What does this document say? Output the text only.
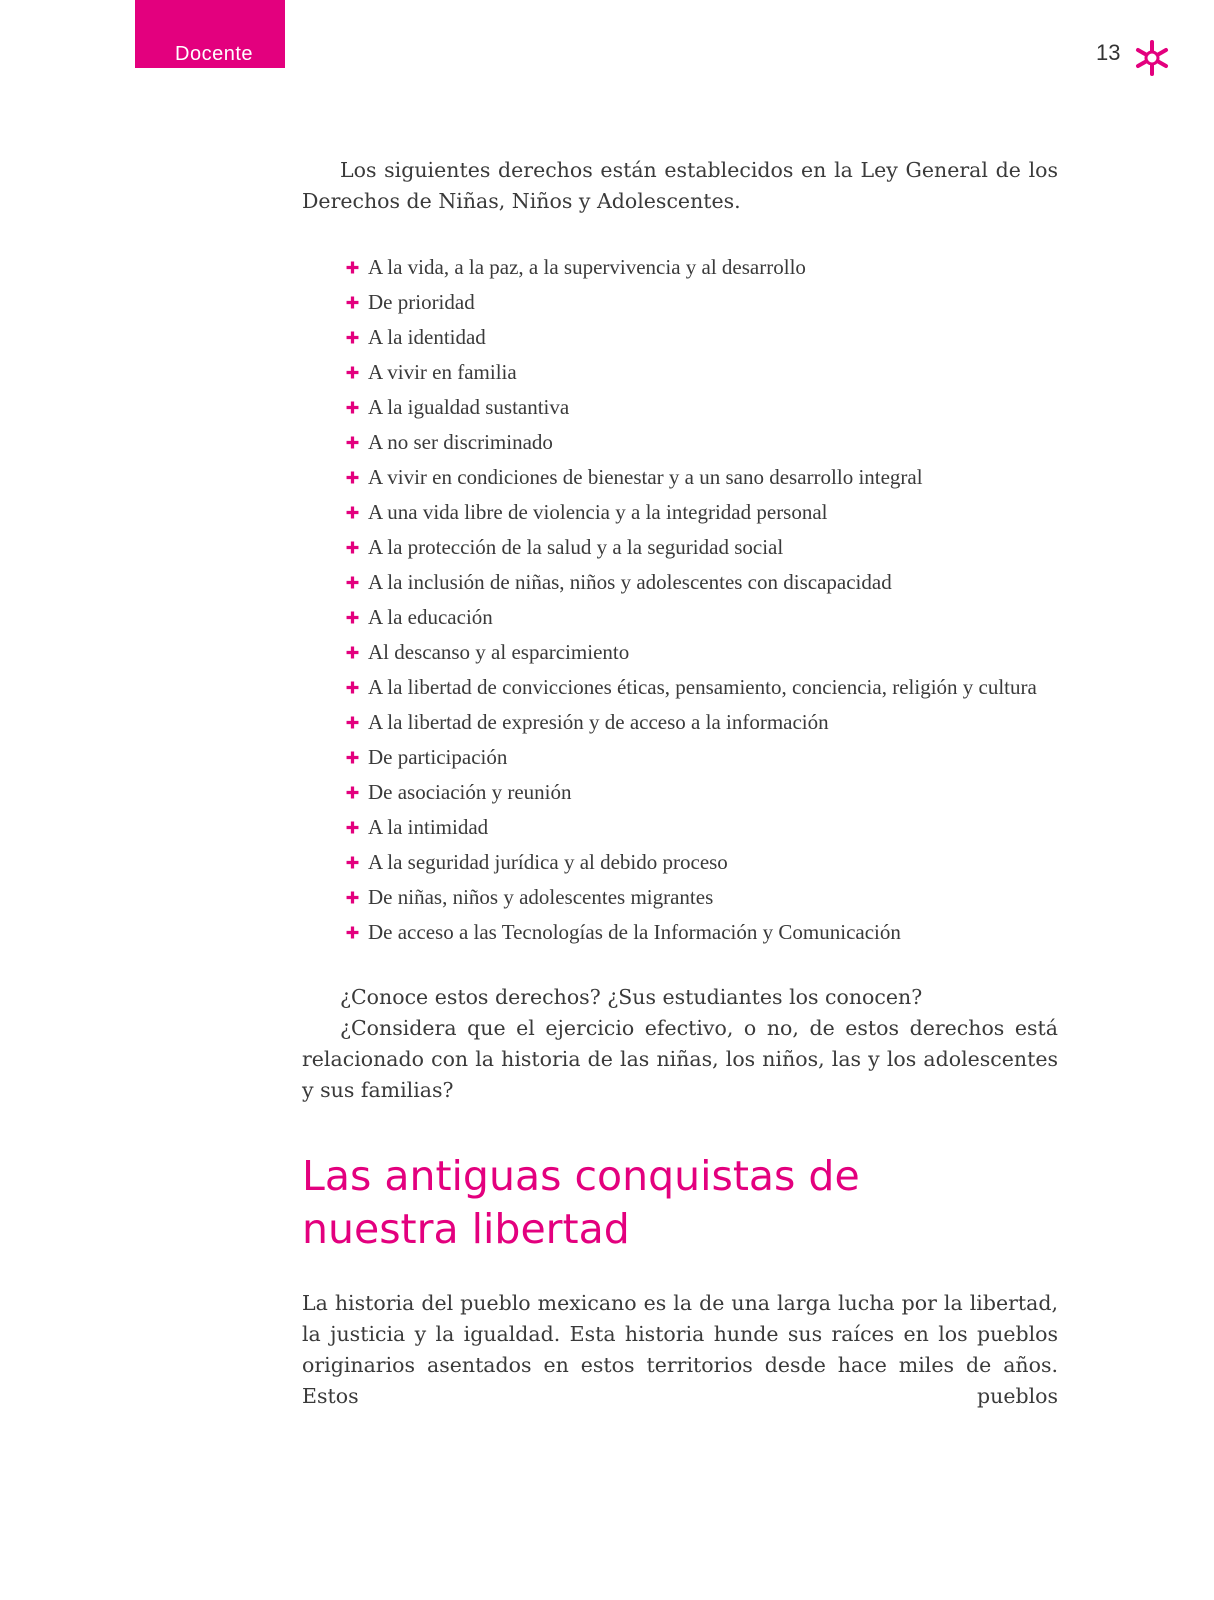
Docente	13

Los siguientes derechos están establecidos en la Ley General de los Derechos de Niñas, Niños y Adolescentes.

A la vida, a la paz, a la supervivencia y al desarrollo
De prioridad
A la identidad
A vivir en familia
A la igualdad sustantiva
A no ser discriminado
A vivir en condiciones de bienestar y a un sano desarrollo integral
A una vida libre de violencia y a la integridad personal
A la protección de la salud y a la seguridad social
A la inclusión de niñas, niños y adolescentes con discapacidad
A la educación
Al descanso y al esparcimiento
A la libertad de convicciones éticas, pensamiento, conciencia, religión y cultura
A la libertad de expresión y de acceso a la información
De participación
De asociación y reunión
A la intimidad
A la seguridad jurídica y al debido proceso
De niñas, niños y adolescentes migrantes
De acceso a las Tecnologías de la Información y Comunicación

¿Conoce estos derechos? ¿Sus estudiantes los conocen?

¿Considera que el ejercicio efectivo, o no, de estos derechos está relacionado con la historia de las niñas, los niños, las y los adolescentes y sus familias?

Las antiguas conquistas de nuestra libertad

La historia del pueblo mexicano es la de una larga lucha por la libertad, la justicia y la igualdad. Esta historia hunde sus raíces en los pueblos originarios asentados en estos territorios desde hace miles de años. Estos pueblos
